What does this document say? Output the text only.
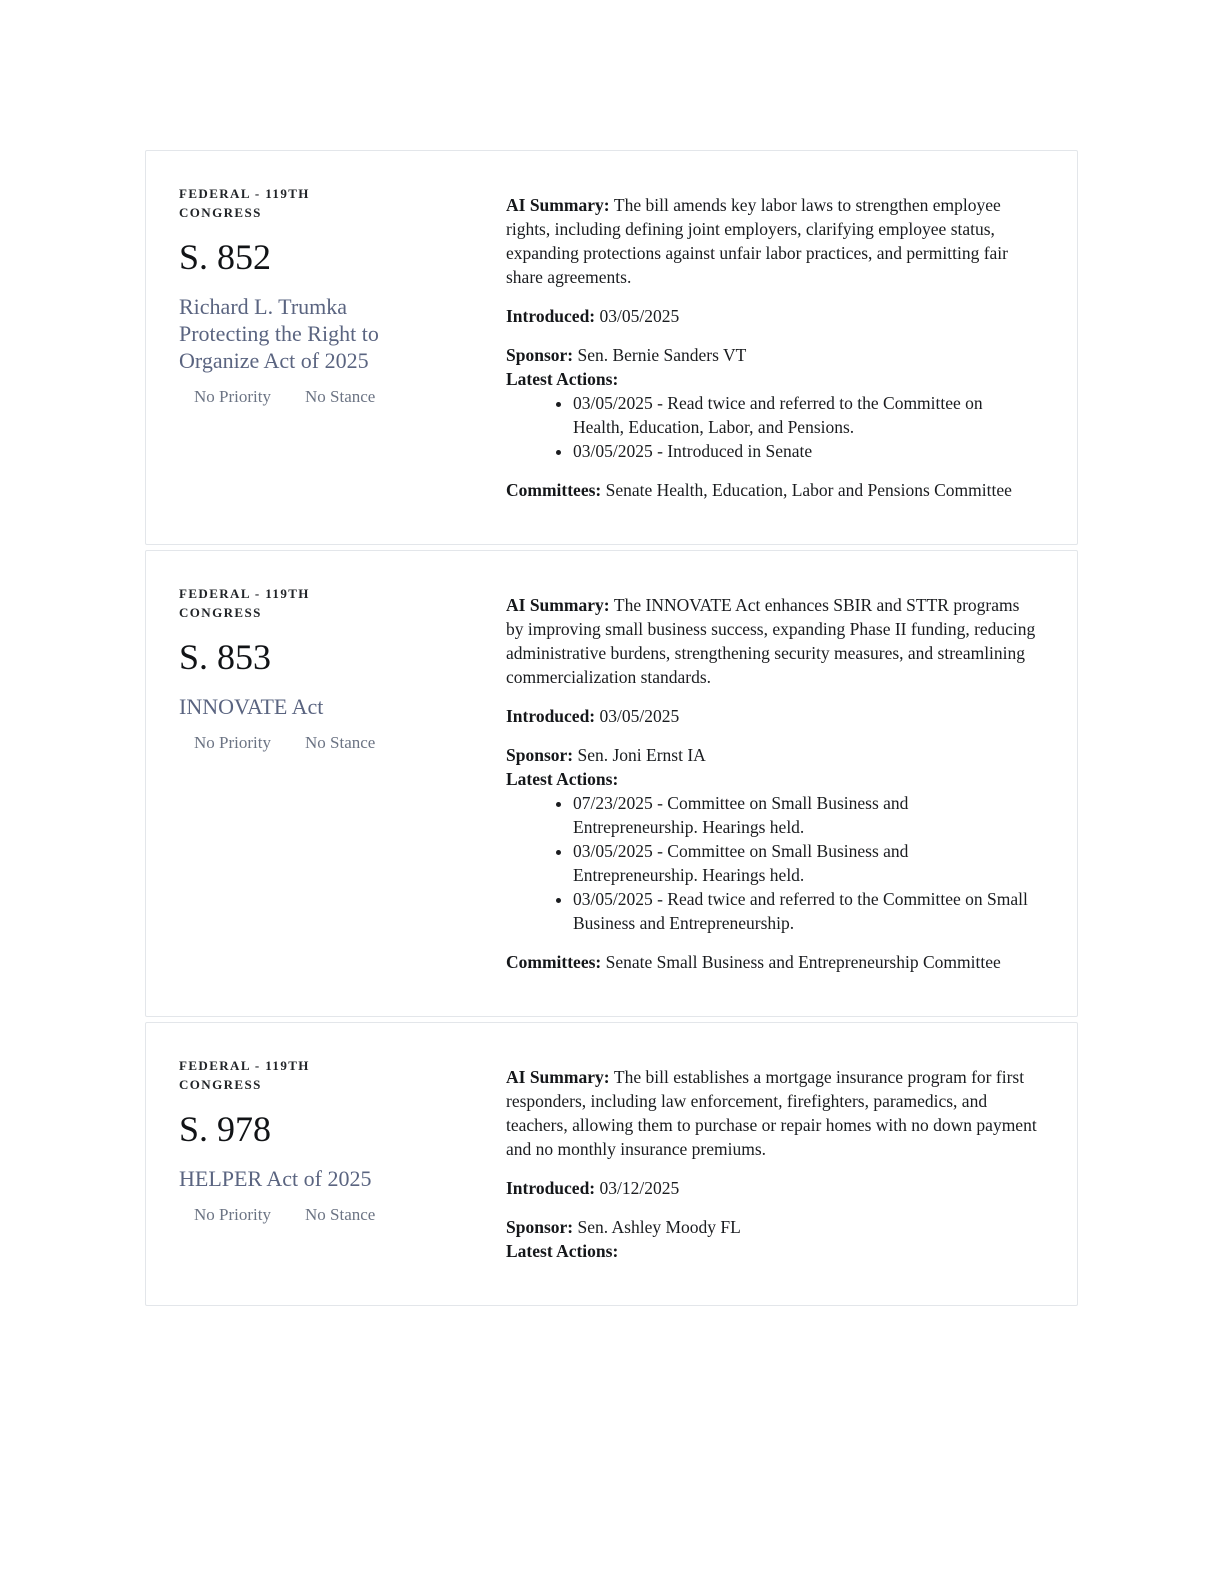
FEDERAL - 119TH CONGRESS
S. 852
Richard L. Trumka Protecting the Right to Organize Act of 2025
No Priority No Stance

AI Summary: The bill amends key labor laws to strengthen employee rights, including defining joint employers, clarifying employee status, expanding protections against unfair labor practices, and permitting fair share agreements.

Introduced: 03/05/2025

Sponsor: Sen. Bernie Sanders VT
Latest Actions:
• 03/05/2025 - Read twice and referred to the Committee on Health, Education, Labor, and Pensions.
• 03/05/2025 - Introduced in Senate

Committees: Senate Health, Education, Labor and Pensions Committee

FEDERAL - 119TH CONGRESS
S. 853
INNOVATE Act
No Priority No Stance

AI Summary: The INNOVATE Act enhances SBIR and STTR programs by improving small business success, expanding Phase II funding, reducing administrative burdens, strengthening security measures, and streamlining commercialization standards.

Introduced: 03/05/2025

Sponsor: Sen. Joni Ernst IA
Latest Actions:
• 07/23/2025 - Committee on Small Business and Entrepreneurship. Hearings held.
• 03/05/2025 - Committee on Small Business and Entrepreneurship. Hearings held.
• 03/05/2025 - Read twice and referred to the Committee on Small Business and Entrepreneurship.

Committees: Senate Small Business and Entrepreneurship Committee

FEDERAL - 119TH CONGRESS
S. 978
HELPER Act of 2025
No Priority No Stance

AI Summary: The bill establishes a mortgage insurance program for first responders, including law enforcement, firefighters, paramedics, and teachers, allowing them to purchase or repair homes with no down payment and no monthly insurance premiums.

Introduced: 03/12/2025

Sponsor: Sen. Ashley Moody FL
Latest Actions:
